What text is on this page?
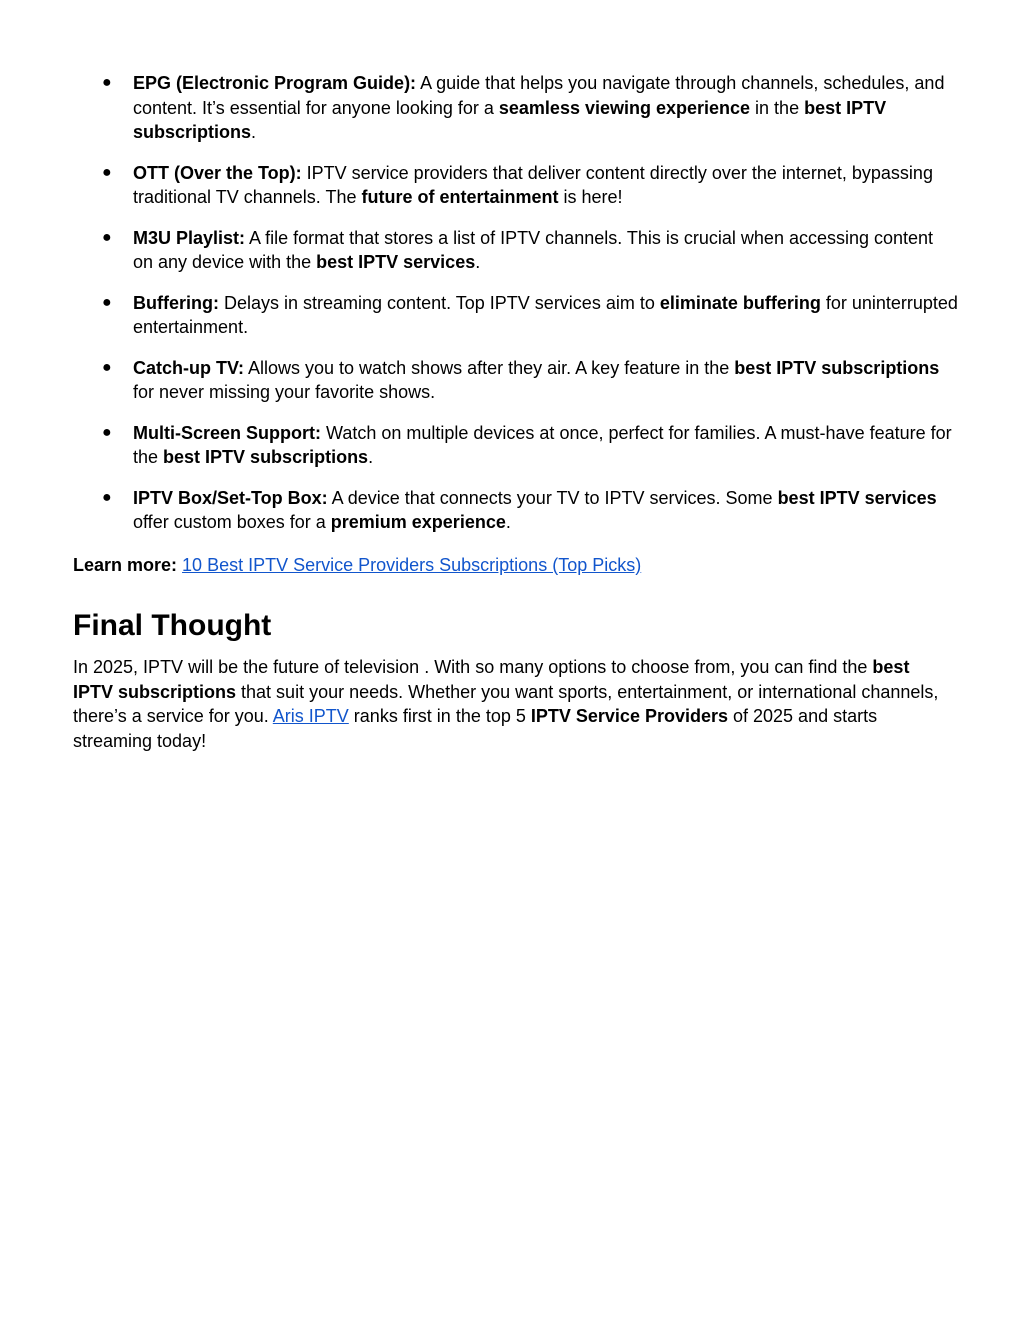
● EPG (Electronic Program Guide): A guide that helps you navigate through channels, schedules, and content. It’s essential for anyone looking for a seamless viewing experience in the best IPTV subscriptions.
● OTT (Over the Top): IPTV service providers that deliver content directly over the internet, bypassing traditional TV channels. The future of entertainment is here!
● M3U Playlist: A file format that stores a list of IPTV channels. This is crucial when accessing content on any device with the best IPTV services.
● Buffering: Delays in streaming content. Top IPTV services aim to eliminate buffering for uninterrupted entertainment.
● Catch-up TV: Allows you to watch shows after they air. A key feature in the best IPTV subscriptions for never missing your favorite shows.
● Multi-Screen Support: Watch on multiple devices at once, perfect for families. A must-have feature for the best IPTV subscriptions.
● IPTV Box/Set-Top Box: A device that connects your TV to IPTV services. Some best IPTV services offer custom boxes for a premium experience.
Learn more: 10 Best IPTV Service Providers Subscriptions (Top Picks)
Final Thought

In 2025, IPTV will be the future of television . With so many options to choose from, you can find the best IPTV subscriptions that suit your needs. Whether you want sports, entertainment, or international channels, there’s a service for you. Aris IPTV ranks first in the top 5 IPTV Service Providers of 2025 and starts streaming today!
